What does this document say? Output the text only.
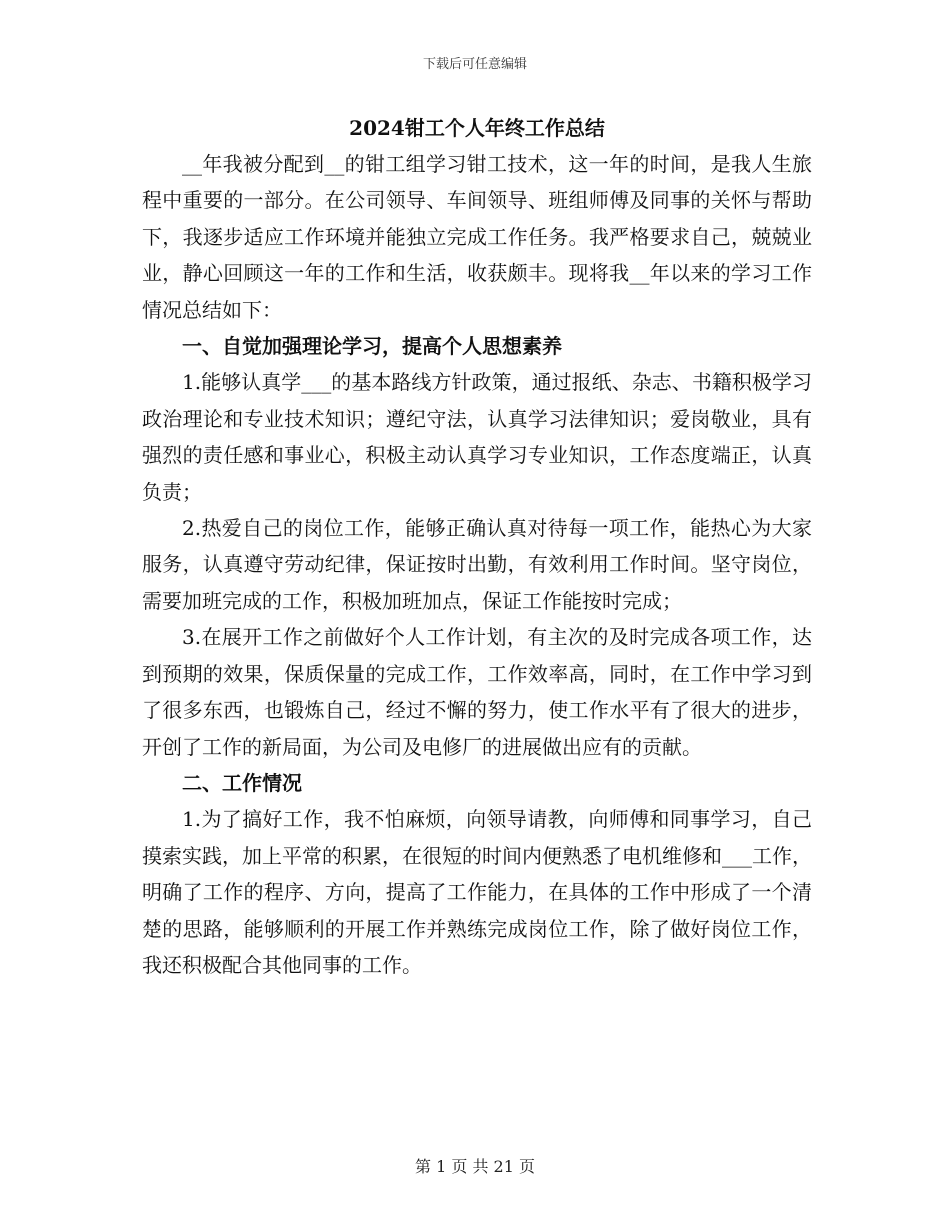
下载后可任意编辑
2024钳工个人年终工作总结

__年我被分配到__的钳工组学习钳工技术，这一年的时间，是我人生旅程中重要的一部分。在公司领导、车间领导、班组师傅及同事的关怀与帮助下，我逐步适应工作环境并能独立完成工作任务。我严格要求自己，兢兢业业，静心回顾这一年的工作和生活，收获颇丰。现将我__年以来的学习工作情况总结如下：

一、自觉加强理论学习，提高个人思想素养

1.能够认真学___的基本路线方针政策，通过报纸、杂志、书籍积极学习政治理论和专业技术知识；遵纪守法，认真学习法律知识；爱岗敬业，具有强烈的责任感和事业心，积极主动认真学习专业知识，工作态度端正，认真负责；

2.热爱自己的岗位工作，能够正确认真对待每一项工作，能热心为大家服务，认真遵守劳动纪律，保证按时出勤，有效利用工作时间。坚守岗位，需要加班完成的工作，积极加班加点，保证工作能按时完成；

3.在展开工作之前做好个人工作计划，有主次的及时完成各项工作，达到预期的效果，保质保量的完成工作，工作效率高，同时，在工作中学习到了很多东西，也锻炼自己，经过不懈的努力，使工作水平有了很大的进步，开创了工作的新局面，为公司及电修厂的进展做出应有的贡献。

二、工作情况

1.为了搞好工作，我不怕麻烦，向领导请教，向师傅和同事学习，自己摸索实践，加上平常的积累，在很短的时间内便熟悉了电机维修和___工作，明确了工作的程序、方向，提高了工作能力，在具体的工作中形成了一个清楚的思路，能够顺利的开展工作并熟练完成岗位工作，除了做好岗位工作，我还积极配合其他同事的工作。

第 1 页 共 21 页
